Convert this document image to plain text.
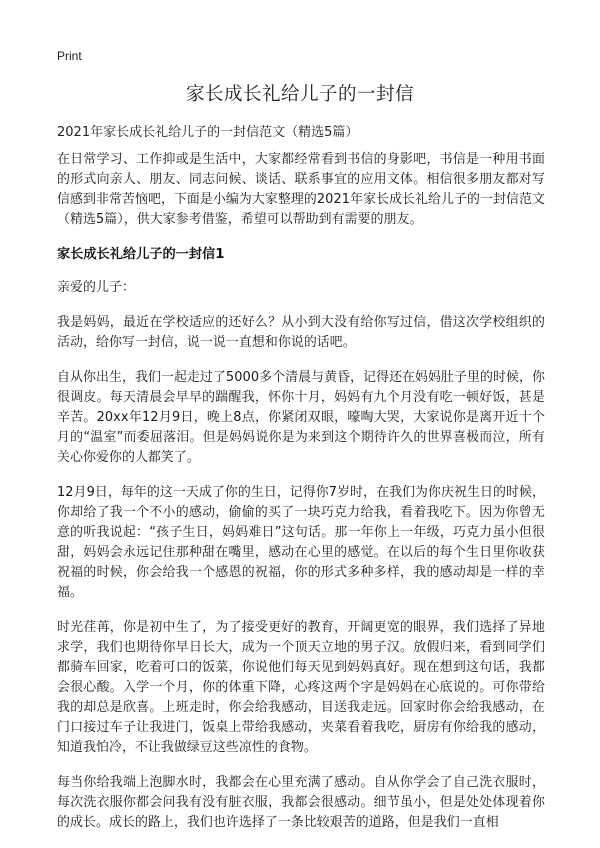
Print
家长成长礼给儿子的一封信
2021年家长成长礼给儿子的一封信范文（精选5篇）

在日常学习、工作抑或是生活中，大家都经常看到书信的身影吧，书信是一种用书面的形式向亲人、朋友、同志问候、谈话、联系事宜的应用文体。相信很多朋友都对写信感到非常苦恼吧，下面是小编为大家整理的2021年家长成长礼给儿子的一封信范文（精选5篇），供大家参考借鉴，希望可以帮助到有需要的朋友。

家长成长礼给儿子的一封信1

亲爱的儿子：

我是妈妈，最近在学校适应的还好么？从小到大没有给你写过信，借这次学校组织的活动，给你写一封信，说一说一直想和你说的话吧。

自从你出生，我们一起走过了5000多个清晨与黄昏，记得还在妈妈肚子里的时候，你很调皮。每天清晨会早早的踹醒我，怀你十月，妈妈有九个月没有吃一顿好饭，甚是辛苦。20xx年12月9日，晚上8点，你紧闭双眼，嚎啕大哭，大家说你是离开近十个月的“温室”而委屈落泪。但是妈妈说你是为来到这个期待许久的世界喜极而泣，所有关心你爱你的人都笑了。

12月9日，每年的这一天成了你的生日，记得你7岁时，在我们为你庆祝生日的时候，你却给了我一个不小的感动，偷偷的买了一块巧克力给我，看着我吃下。因为你曾无意的听我说起：“孩子生日，妈妈难日”这句话。那一年你上一年级，巧克力虽小但很甜，妈妈会永远记住那种甜在嘴里，感动在心里的感觉。在以后的每个生日里你收获祝福的时候，你会给我一个感恩的祝福，你的形式多种多样，我的感动却是一样的幸福。

时光荏苒，你是初中生了，为了接受更好的教育，开阔更宽的眼界，我们选择了异地求学，我们也期待你早日长大，成为一个顶天立地的男子汉。放假归来，看到同学们都骑车回家，吃着可口的饭菜，你说他们每天见到妈妈真好。现在想到这句话，我都会很心酸。入学一个月，你的体重下降，心疼这两个字是妈妈在心底说的。可你带给我的却总是欣喜。上班走时，你会给我感动，目送我走远。回家时你会给我感动，在门口接过车子让我进门，饭桌上带给我感动，夹菜看着我吃，厨房有你给我的感动，知道我怕冷，不让我做绿豆这些凉性的食物。

每当你给我端上泡脚水时，我都会在心里充满了感动。自从你学会了自己洗衣服时，每次洗衣服你都会问我有没有脏衣服，我都会很感动。细节虽小，但是处处体现着你的成长。成长的路上，我们也许选择了一条比较艰苦的道路，但是我们一直相
